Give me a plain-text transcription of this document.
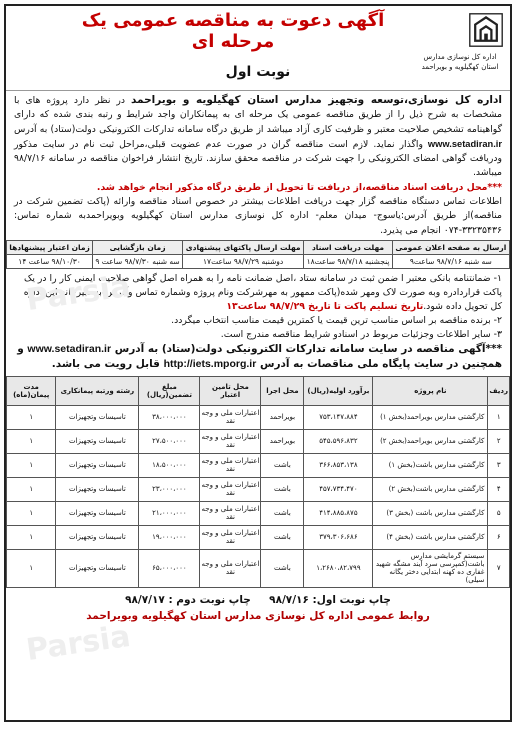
Parsia
Parsia
اداره کل نوسازی مدارس استان کهگیلویه و بویراحمد
آگهی دعوت به مناقصه عمومی یک مرحله ای
نوبت اول
اداره کل نوسازی،توسعه وتجهیز مدارس استان کهگیلویه و بویراحمد در نظر دارد پروژه های با مشخصات به شرح ذیل را از طریق مناقصه عمومی یک مرحله ای به پیمانکاران واجد شرایط و رتبه بندی شده که دارای گواهینامه تشخیص صلاحیت معتبر و ظرفیت کاری آزاد میباشد از طریق درگاه سامانه تدارکات الکترونیکی دولت(ستاد) به آدرس www.setadiran.ir واگذار نماید. لازم است مناقصه گران در صورت عدم عضویت قبلی،مراحل ثبت نام در سایت مذکور ودریافت گواهی امضای الکترونیکی را جهت شرکت در مناقصه محقق سازند. تاریخ انتشار فراخوان مناقصه در سامانه ۹۸/۷/۱۶ میباشد.
***محل دریافت اسناد مناقصه،از دریافت تا تحویل از طریق درگاه مذکور انجام خواهد شد.
اطلاعات تماس دستگاه مناقصه گزار جهت دریافت اطلاعات بیشتر در خصوص اسناد مناقصه وارائه (پاکت تضمین شرکت در مناقصه)از طریق آدرس:یاسوج- میدان معلم- اداره کل نوسازی مدارس استان کهگیلویه وبویراحمدبه شماره تماس: ۳۳۲۳۵۴۳۶-۰۷۴ انجام می پذیرد.
ارسال به صفحه اعلان عمومی	مهلت دریافت اسناد	مهلت ارسال پاکتهای پیشنهادی	زمان بازگشایی	زمان اعتبار پیشنهادها
سه شنبه ۹۸/۷/۱۶ ساعت۹	پنجشنبه ۹۸/۷/۱۸ ساعت۱۸	دوشنبه ۹۸/۷/۲۹ ساعت۱۷	سه شنبه ۹۸/۷/۳۰ ساعت ۹	۹۸/۱۰/۳۰ ساعت ۱۴
۱- ضمانتنامه بانکی معتبر ا ضمن ثبت در سامانه ستاد ،اصل ضمانت نامه را به همراه اصل گواهی صلاحیت ایمنی کار را در یک پاکت قراردادره وبه صورت لاک ومهر شده(پاکت ممهور به مهرشرکت ونام پروژه وشماره تماس وآدرس)به دبیرخانه این اداره کل تحویل داده شود.تاریخ تسلیم پاکت تا تاریخ ۹۸/۷/۲۹ ساعت۱۳
۲- برنده مناقصه بر اساس مناسب ترین قیمت یا کمترین قیمت مناسب انتخاب میگردد.
۳- سایر اطلاعات وجزئیات مربوط در اسنادو شرایط مناقصه مندرج است.
***آگهی مناقصه در سایت سامانه تدارکات الکترونیکی دولت(ستاد) به آدرس www.setadiran.ir و همچنین در سایت پایگاه ملی مناقصات به آدرس http://iets.mporg.ir قابل رویت می باشد.
ردیف	نام پروژه	برآورد اولیه(ریال)	محل اجرا	محل تامین اعتبار	مبلغ تضمین(ریال)	رشته ورتبه پیمانکاری	مدت پیمان(ماه)
۱	کارگشتی مدارس بویراحمد(بخش ۱)	۷۵۳،۱۴۷،۸۸۴	بویراحمد	اعتبارات ملی و وجه نقد	۳۸،۰۰۰،۰۰۰	تاسیسات وتجهیزات	۱
۲	کارگشتی مدارس بویراحمد(بخش ۲)	۵۴۵،۵۹۶،۸۳۲	بویراحمد	اعتبارات ملی و وجه نقد	۲۷،۵۰۰،۰۰۰	تاسیسات وتجهیزات	۱
۳	کارگشتی مدارس باشت(بخش ۱)	۳۶۶،۸۵۳،۱۳۸	باشت	اعتبارات ملی و وجه نقد	۱۸،۵۰۰،۰۰۰	تاسیسات وتجهیزات	۱
۴	کارگشتی مدارس باشت(بخش ۲)	۴۵۷،۷۳۴،۴۷۰	باشت	اعتبارات ملی و وجه نقد	۲۳،۰۰۰،۰۰۰	تاسیسات وتجهیزات	۱
۵	کارگشتی مدارس باشت (بخش ۳)	۴۱۴،۸۸۵،۸۷۵	باشت	اعتبارات ملی و وجه نقد	۲۱،۰۰۰،۰۰۰	تاسیسات وتجهیزات	۱
۶	کارگشتی مدارس باشت (بخش ۴)	۳۷۹،۳۰۶،۶۸۶	باشت	اعتبارات ملی و وجه نقد	۱۹،۰۰۰،۰۰۰	تاسیسات وتجهیزات	۱
۷	سیستم گرمایشی مدارس باشت(کمپرسی سرد آیند مشگه شهید غفاری ده کهنه ابتدایی دختر یگانه سیلی)	۱،۲۶۸۰،۸۲،۷۹۹	باشت	اعتبارات ملی و وجه نقد	۶۵،۰۰۰،۰۰۰	تاسیسات وتجهیزات	۱
چاپ نوبت اول: ۹۸/۷/۱۶     چاپ نوبت دوم : ۹۸/۷/۱۷
روابط عمومی اداره کل نوسازی مدارس استان کهگیلویه وبویراحمد
